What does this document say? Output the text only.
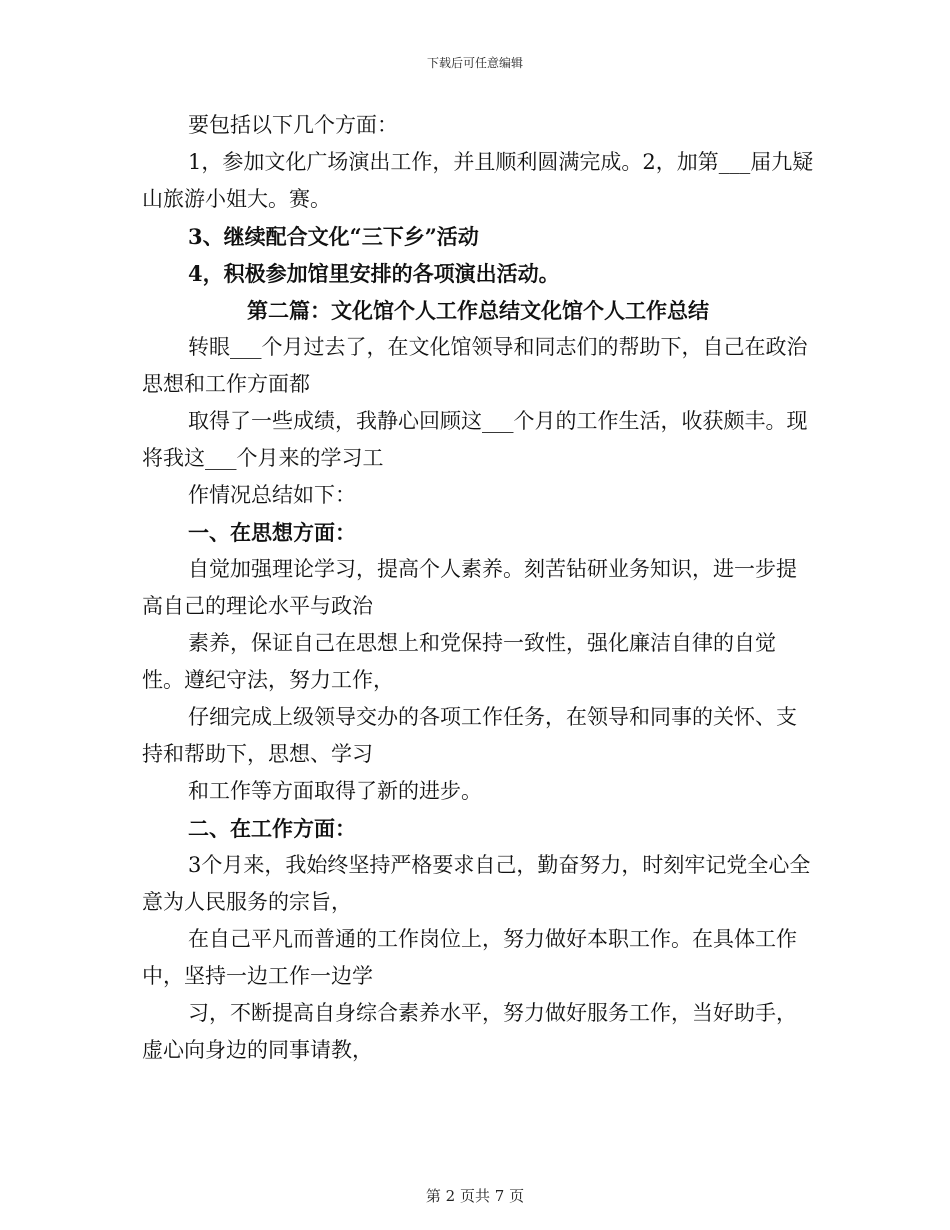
下载后可任意编辑

要包括以下几个方面：

1，参加文化广场演出工作，并且顺利圆满完成。2，加第___届九疑山旅游小姐大。赛。

3、继续配合文化“三下乡”活动

4，积极参加馆里安排的各项演出活动。

第二篇：文化馆个人工作总结文化馆个人工作总结

转眼___个月过去了，在文化馆领导和同志们的帮助下，自己在政治思想和工作方面都

取得了一些成绩，我静心回顾这___个月的工作生活，收获颇丰。现将我这___个月来的学习工

作情况总结如下：

一、在思想方面：

自觉加强理论学习，提高个人素养。刻苦钻研业务知识，进一步提高自己的理论水平与政治

素养，保证自己在思想上和党保持一致性，强化廉洁自律的自觉性。遵纪守法，努力工作，

仔细完成上级领导交办的各项工作任务，在领导和同事的关怀、支持和帮助下，思想、学习

和工作等方面取得了新的进步。

二、在工作方面：

3个月来，我始终坚持严格要求自己，勤奋努力，时刻牢记党全心全意为人民服务的宗旨，

在自己平凡而普通的工作岗位上，努力做好本职工作。在具体工作中，坚持一边工作一边学

习，不断提高自身综合素养水平，努力做好服务工作，当好助手，虚心向身边的同事请教，

第 2 页共 7 页
